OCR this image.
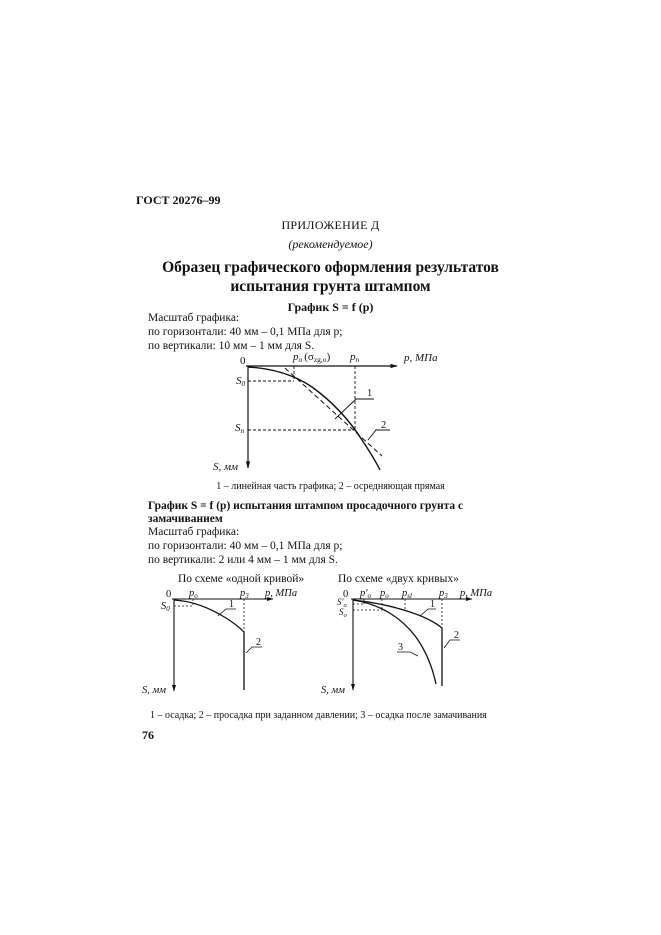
ГОСТ 20276–99
ПРИЛОЖЕНИЕ Д
(рекомендуемое)
Образец графического оформления результатов
испытания грунта штампом
График S = f (p)
Масштаб графика:
по горизонтали: 40 мм – 0,1 МПа для p;
по вертикали: 10 мм – 1 мм для S.
0	po (σzg,o) pп	p, МПа
S0
Sn
S, мм
1
2
По схеме «одной кривой»
0 po	p3 p, МПа
S0
S, мм
1
2
По схеме «двух кривых»
0 p'o po psl	p3 p, МПа
$S'_o$
$S_o$
S, мм
1
2
3
1 – линейная часть графика; 2 – осредняющая прямая
График S = f (p) испытания штампом просадочного грунта с
замачиванием
Масштаб графика:
по горизонтали: 40 мм – 0,1 МПа для p;
по вертикали: 2 или 4 мм – 1 мм для S.
1 – осадка; 2 – просадка при заданном давлении; 3 – осадка после замачивания
76
